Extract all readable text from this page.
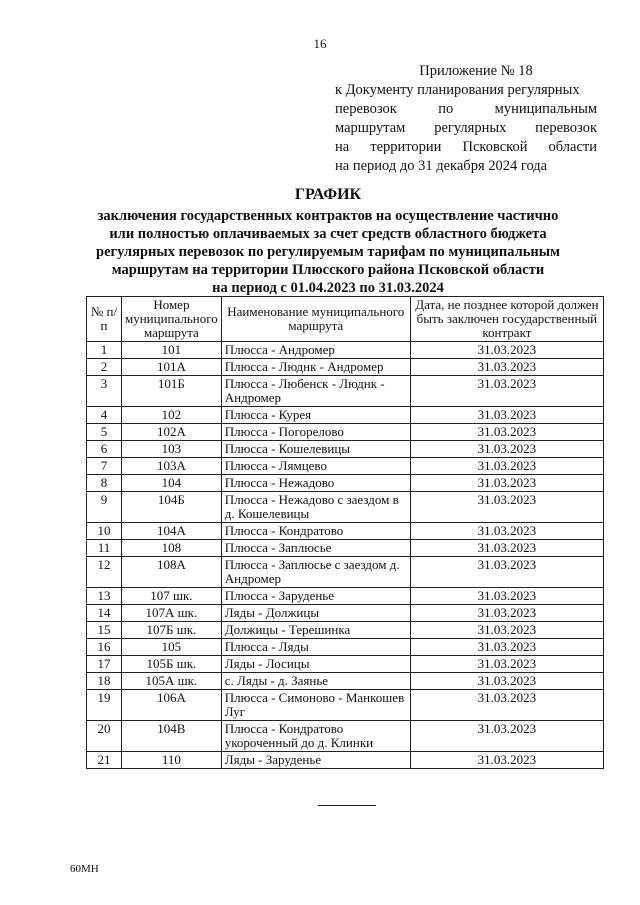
16
Приложение № 18
к Документу планирования регулярных
перевозок по муниципальным
маршрутам регулярных перевозок
на территории Псковской области
на период до 31 декабря 2024 года
ГРАФИК
заключения государственных контрактов на осуществление частично
или полностью оплачиваемых за счет средств областного бюджета
регулярных перевозок по регулируемым тарифам по муниципальным
маршрутам на территории Плюсского района Псковской области
на период с 01.04.2023 по 31.03.2024
№ п/п	Номер муниципального маршрута	Наименование муниципального маршрута	Дата, не позднее которой должен быть заключен государственный контракт
1	101	Плюсса - Андромер	31.03.2023
2	101А	Плюсса - Люднк - Андромер	31.03.2023
3	101Б	Плюсса - Любенск - Люднк - Андромер	31.03.2023
4	102	Плюсса - Курея	31.03.2023
5	102А	Плюсса - Погорелово	31.03.2023
6	103	Плюсса - Кошелевицы	31.03.2023
7	103А	Плюсса - Лямцево	31.03.2023
8	104	Плюсса - Нежадово	31.03.2023
9	104Б	Плюсса - Нежадово с заездом в д. Кошелевицы	31.03.2023
10	104А	Плюсса - Кондратово	31.03.2023
11	108	Плюсса - Заплюсье	31.03.2023
12	108А	Плюсса - Заплюсье с заездом д. Андромер	31.03.2023
13	107 шк.	Плюсса - Заруденье	31.03.2023
14	107А шк.	Ляды - Должицы	31.03.2023
15	107Б шк.	Должицы - Терешинка	31.03.2023
16	105	Плюсса - Ляды	31.03.2023
17	105Б шк.	Ляды - Лосицы	31.03.2023
18	105А шк.	с. Ляды - д. Заянье	31.03.2023
19	106А	Плюсса - Симоново - Манкошев Луг	31.03.2023
20	104В	Плюсса - Кондратово укороченный до д. Клинки	31.03.2023
21	110	Ляды - Заруденье	31.03.2023
60МН
